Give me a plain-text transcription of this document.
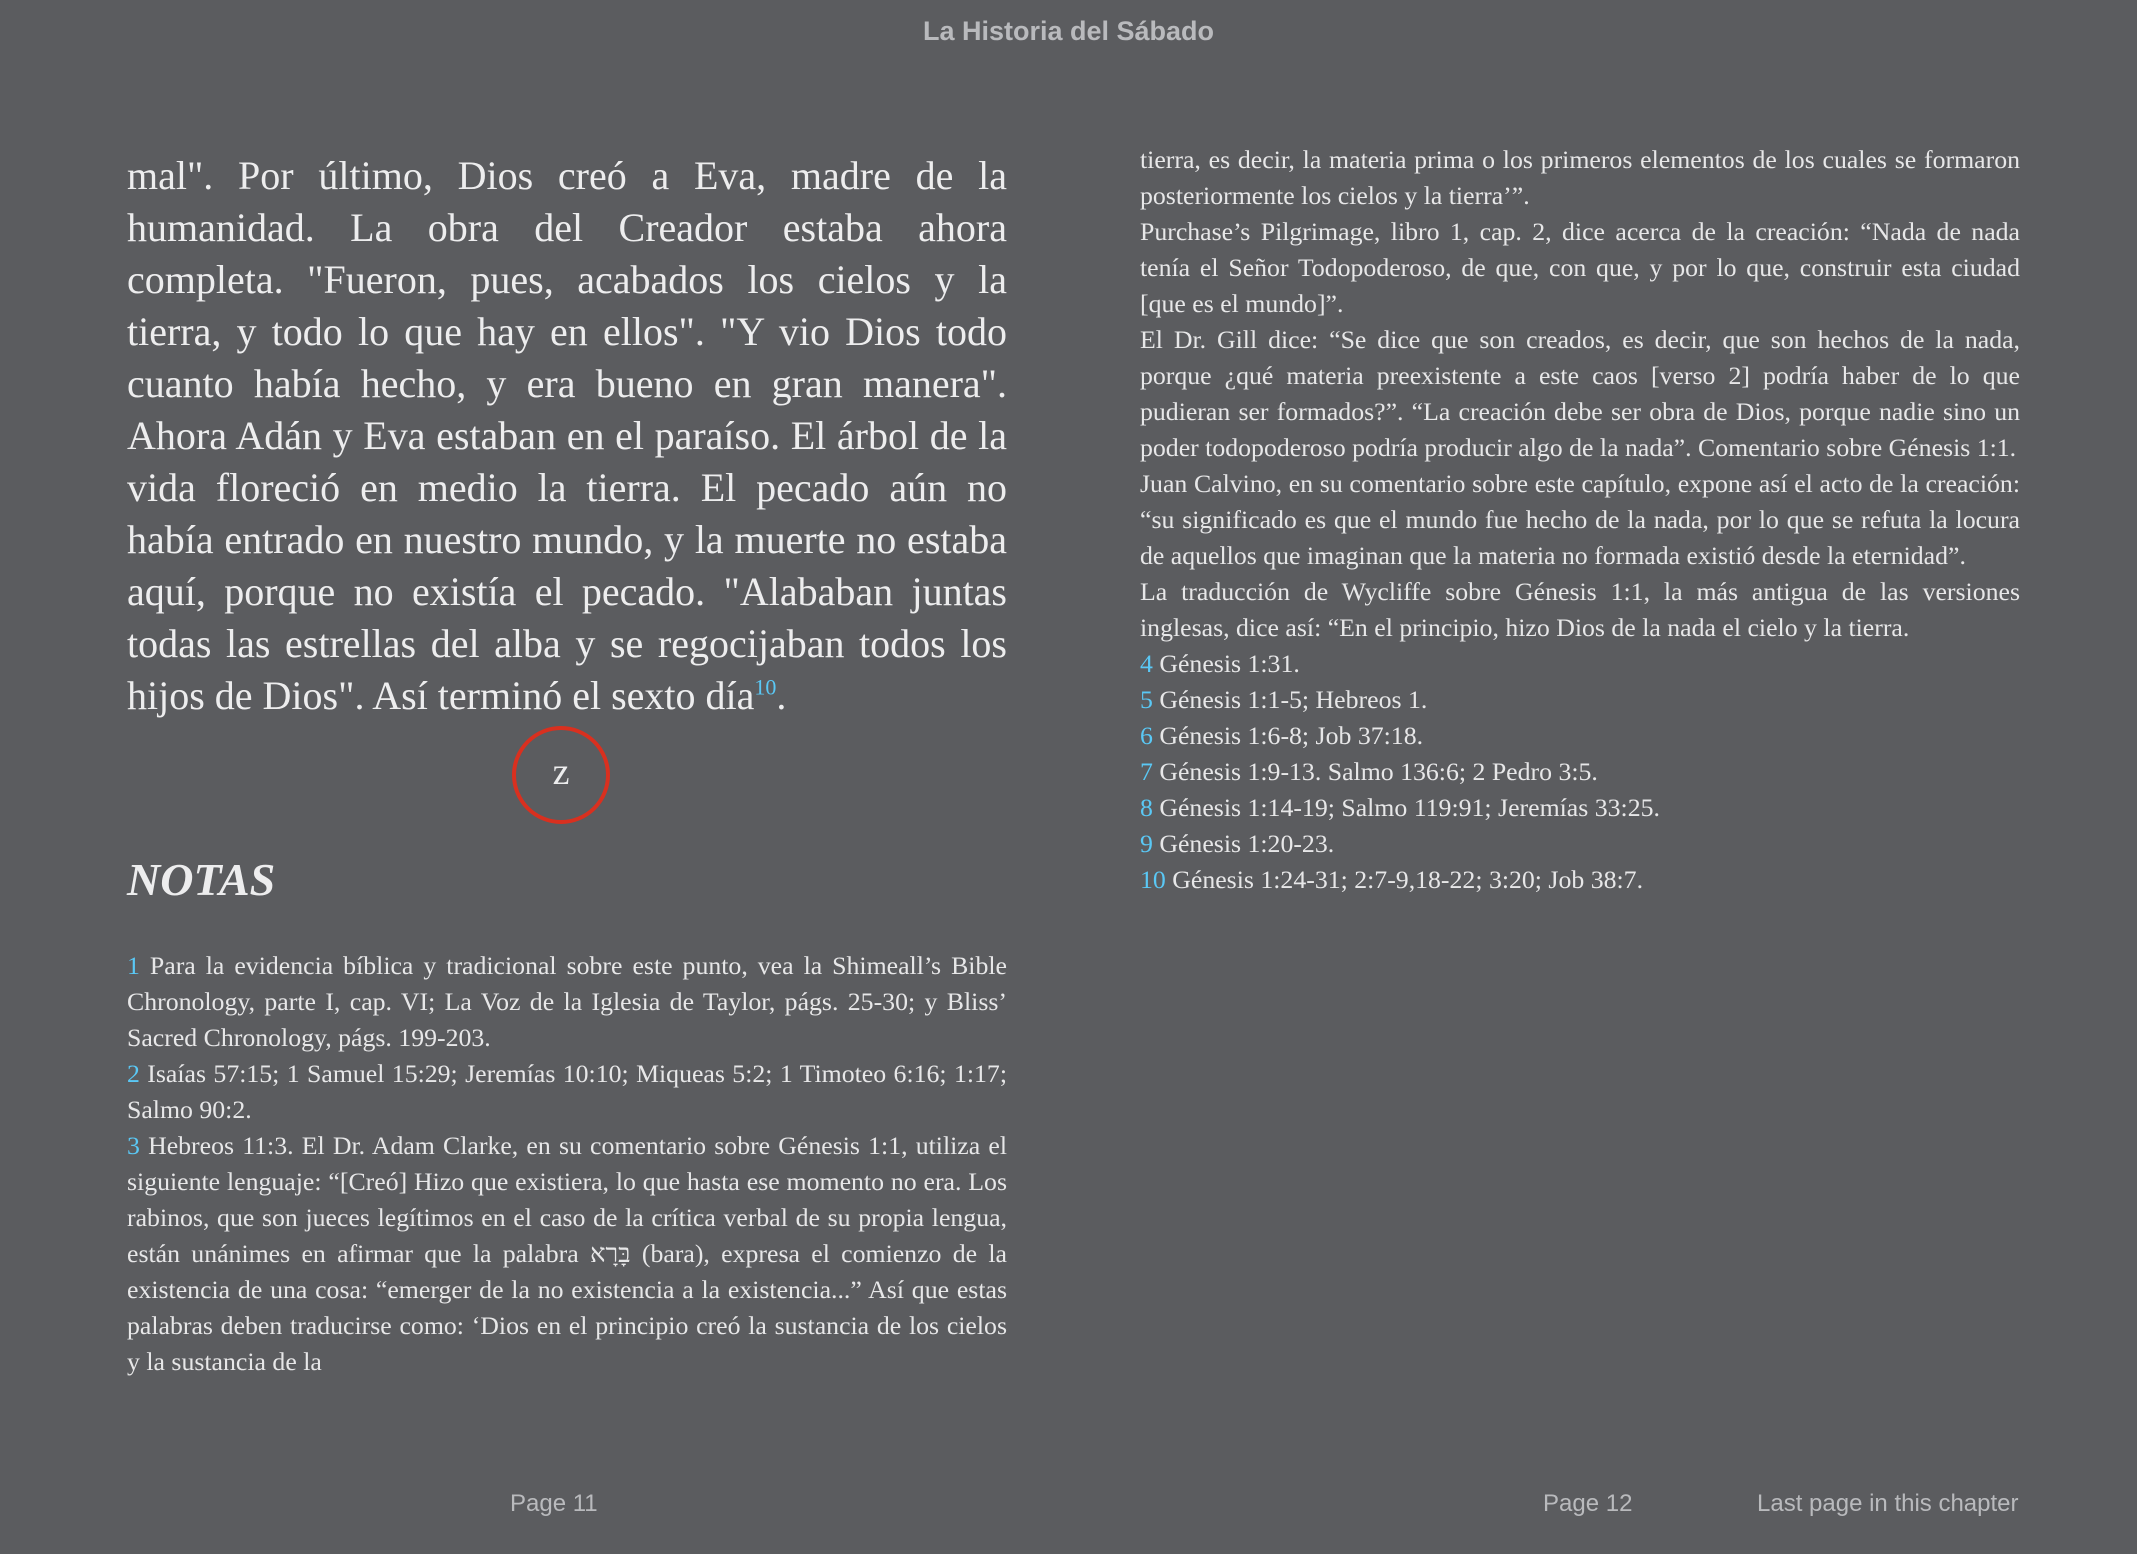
La Historia del Sábado

mal". Por último, Dios creó a Eva, madre de la humanidad. La obra del Creador estaba ahora completa. "Fueron, pues, acabados los cielos y la tierra, y todo lo que hay en ellos". "Y vio Dios todo cuanto había hecho, y era bueno en gran manera". Ahora Adán y Eva estaban en el paraíso. El árbol de la vida floreció en medio la tierra. El pecado aún no había entrado en nuestro mundo, y la muerte no estaba aquí, porque no existía el pecado. "Alababan juntas todas las estrellas del alba y se regocijaban todos los hijos de Dios". Así terminó el sexto día$^{10}$.

z
NOTAS

1 Para la evidencia bíblica y tradicional sobre este punto, vea la Shimeall’s Bible Chronology, parte I, cap. VI; La Voz de la Iglesia de Taylor, págs. 25-30; y Bliss’ Sacred Chronology, págs. 199-203.

2 Isaías 57:15; 1 Samuel 15:29; Jeremías 10:10; Miqueas 5:2; 1 Timoteo 6:16; 1:17; Salmo 90:2.

3 Hebreos 11:3. El Dr. Adam Clarke, en su comentario sobre Génesis 1:1, utiliza el siguiente lenguaje: “[Creó] Hizo que existiera, lo que hasta ese momento no era. Los rabinos, que son jueces legítimos en el caso de la crítica verbal de su propia lengua, están unánimes en afirmar que la palabra בָּרָא (bara), expresa el comienzo de la existencia de una cosa: “emerger de la no existencia a la existencia...” Así que estas palabras deben traducirse como: ‘Dios en el principio creó la sustancia de los cielos y la sustancia de la

tierra, es decir, la materia prima o los primeros elementos de los cuales se formaron posteriormente los cielos y la tierra’”.

Purchase’s Pilgrimage, libro 1, cap. 2, dice acerca de la creación: “Nada de nada tenía el Señor Todopoderoso, de que, con que, y por lo que, construir esta ciudad [que es el mundo]”.

El Dr. Gill dice: “Se dice que son creados, es decir, que son hechos de la nada, porque ¿qué materia preexistente a este caos [verso 2] podría haber de lo que pudieran ser formados?”. “La creación debe ser obra de Dios, porque nadie sino un poder todopoderoso podría producir algo de la nada”. Comentario sobre Génesis 1:1.

Juan Calvino, en su comentario sobre este capítulo, expone así el acto de la creación: “su significado es que el mundo fue hecho de la nada, por lo que se refuta la locura de aquellos que imaginan que la materia no formada existió desde la eternidad”.

La traducción de Wycliffe sobre Génesis 1:1, la más antigua de las versiones inglesas, dice así: “En el principio, hizo Dios de la nada el cielo y la tierra.

4 Génesis 1:31.

5 Génesis 1:1-5; Hebreos 1.

6 Génesis 1:6-8; Job 37:18.

7 Génesis 1:9-13. Salmo 136:6; 2 Pedro 3:5.

8 Génesis 1:14-19; Salmo 119:91; Jeremías 33:25.

9 Génesis 1:20-23.

10 Génesis 1:24-31; 2:7-9,18-22; 3:20; Job 38:7.

Page 11	Page 12	Last page in this chapter
